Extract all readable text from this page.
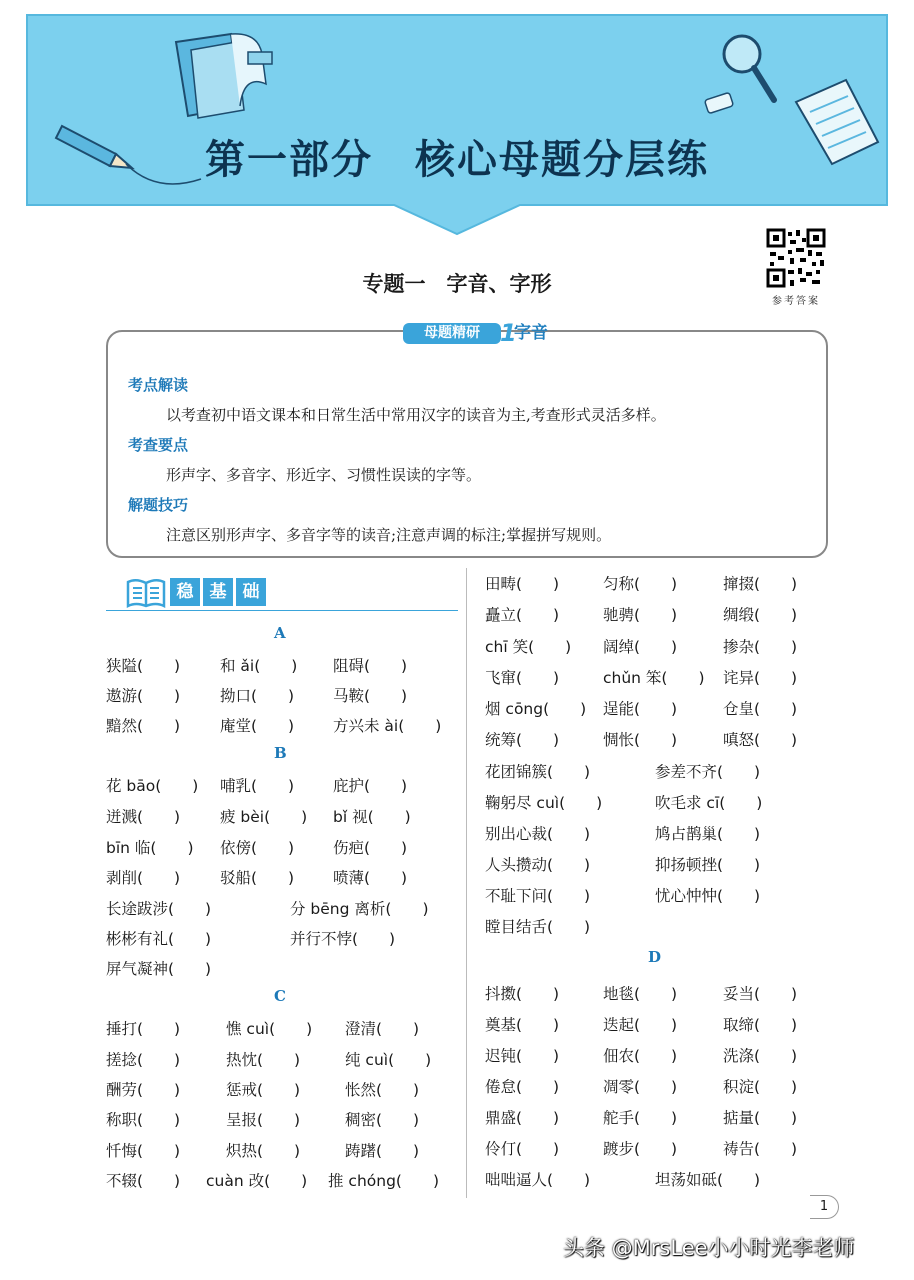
第一部分　核心母题分层练
参考答案
专题一　字音、字形
母题精研 1
字音
考点解读
以考查初中语文课本和日常生活中常用汉字的读音为主,考查形式灵活多样。
考查要点
形声字、多音字、形近字、习惯性误读的字等。
解题技巧
注意区别形声字、多音字等的读音;注意声调的标注;掌握拼写规则。
稳 基 础
A
狭隘(　　)	和 ǎi(　　) 阻碍(　　)
遨游(　　)	拗口(　　)	马鞍(　　)
黯然(　　)	庵堂(　　)	方兴未 ài(　　)
B
花 bāo(　　) 哺乳(　　)	庇护(　　)
迸溅(　　)	疲 bèi(　　) bǐ 视(　　)
bīn 临(　　) 依傍(　　)	伤疤(　　)
剥削(　　)	驳船(　　)	喷薄(　　)
长途跋涉(　　)	分 bēng 离析(　　)
彬彬有礼(　　)	并行不悖(　　)
屏气凝神(　　)
C
捶打(　　)	憔 cuì(　　) 澄清(　　)
搓捻(　　)	热忱(　　)	纯 cuì(　　)
酬劳(　　)	惩戒(　　)	怅然(　　)
称职(　　)	呈报(　　)	稠密(　　)
忏悔(　　)	炽热(　　)	踌躇(　　)
不辍(　　) cuàn 改(　　) 推 chóng(　　)
田畴(　　)	匀称(　　)	撺掇(　　)
矗立(　　)	驰骋(　　)	绸缎(　　)
chī 笑(　　) 阔绰(　　)	掺杂(　　)
飞窜(　　)	chǔn 笨(　　) 诧异(　　)
烟 cōng(　　) 逞能(　　)	仓皇(　　)
统筹(　　)	惆怅(　　)	嗔怒(　　)
花团锦簇(　　)	参差不齐(　　)
鞠躬尽 cuì(　　)	吹毛求 cī(　　)
别出心裁(　　)	鸠占鹊巢(　　)
人头攒动(　　)	抑扬顿挫(　　)
不耻下问(　　)	忧心忡忡(　　)
瞠目结舌(　　)
D
抖擞(　　)	地毯(　　)	妥当(　　)
奠基(　　)	迭起(　　)	取缔(　　)
迟钝(　　)	佃农(　　)	洗涤(　　)
倦怠(　　)	凋零(　　)	积淀(　　)
鼎盛(　　)	舵手(　　)	掂量(　　)
伶仃(　　)	踱步(　　)	祷告(　　)
咄咄逼人(　　)	坦荡如砥(　　)
1
头条 @MrsLee小小时光李老师
